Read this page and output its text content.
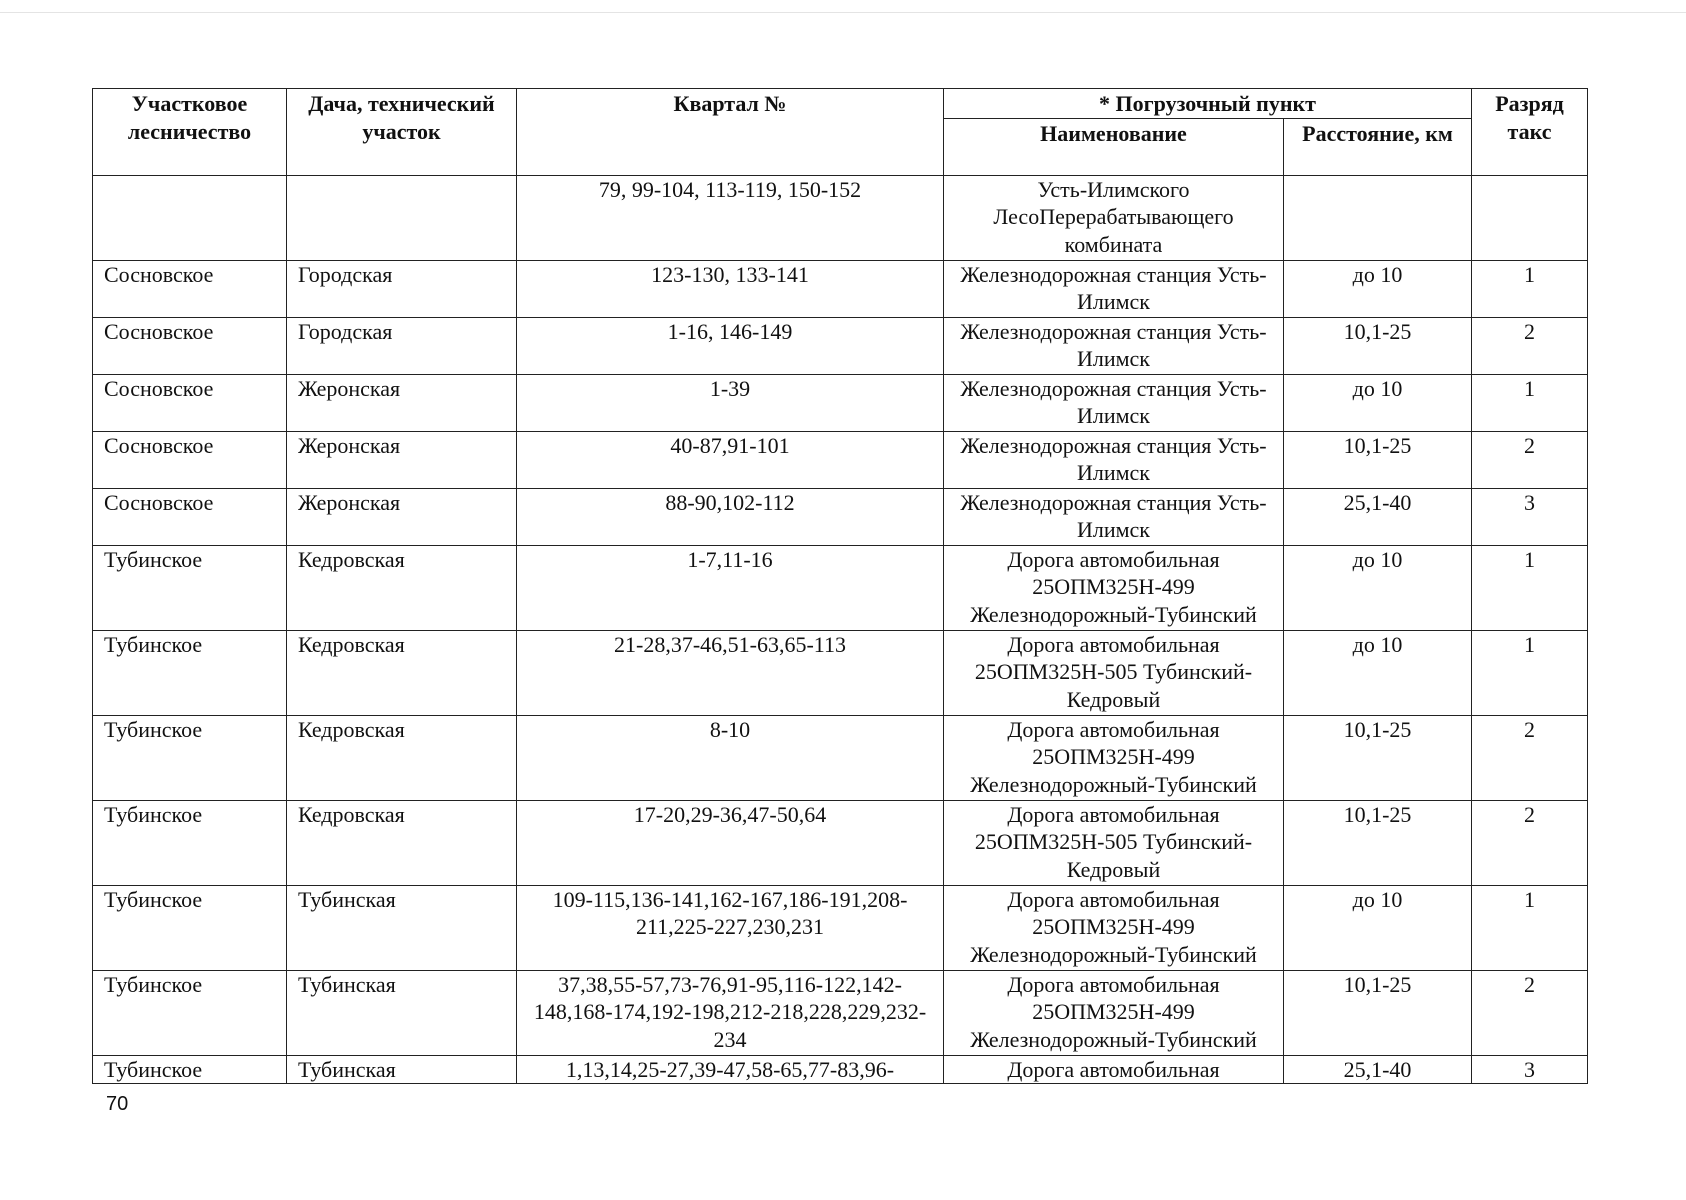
Участковое лесничество	Дача, технический участок	Квартал №	* Погрузочный пункт		Разряд такс
			Наименование	Расстояние, км	
		79, 99-104, 113-119, 150-152	Усть-Илимского ЛесоПерерабатывающего комбината		
Сосновское	Городская	123-130, 133-141	Железнодорожная станция Усть-Илимск	до 10	1
Сосновское	Городская	1-16, 146-149	Железнодорожная станция Усть-Илимск	10,1-25	2
Сосновское	Жеронская	1-39	Железнодорожная станция Усть-Илимск	до 10	1
Сосновское	Жеронская	40-87,91-101	Железнодорожная станция Усть-Илимск	10,1-25	2
Сосновское	Жеронская	88-90,102-112	Железнодорожная станция Усть-Илимск	25,1-40	3
Тубинское	Кедровская	1-7,11-16	Дорога автомобильная 25ОПМ325Н-499 Железнодорожный-Тубинский	до 10	1
Тубинское	Кедровская	21-28,37-46,51-63,65-113	Дорога автомобильная 25ОПМ325Н-505 Тубинский-Кедровый	до 10	1
Тубинское	Кедровская	8-10	Дорога автомобильная 25ОПМ325Н-499 Железнодорожный-Тубинский	10,1-25	2
Тубинское	Кедровская	17-20,29-36,47-50,64	Дорога автомобильная 25ОПМ325Н-505 Тубинский-Кедровый	10,1-25	2
Тубинское	Тубинская	109-115,136-141,162-167,186-191,208-211,225-227,230,231	Дорога автомобильная 25ОПМ325Н-499 Железнодорожный-Тубинский	до 10	1
Тубинское	Тубинская	37,38,55-57,73-76,91-95,116-122,142-148,168-174,192-198,212-218,228,229,232-234	Дорога автомобильная 25ОПМ325Н-499 Железнодорожный-Тубинский	10,1-25	2
Тубинское	Тубинская	1,13,14,25-27,39-47,58-65,77-83,96-	Дорога автомобильная	25,1-40	3
70
